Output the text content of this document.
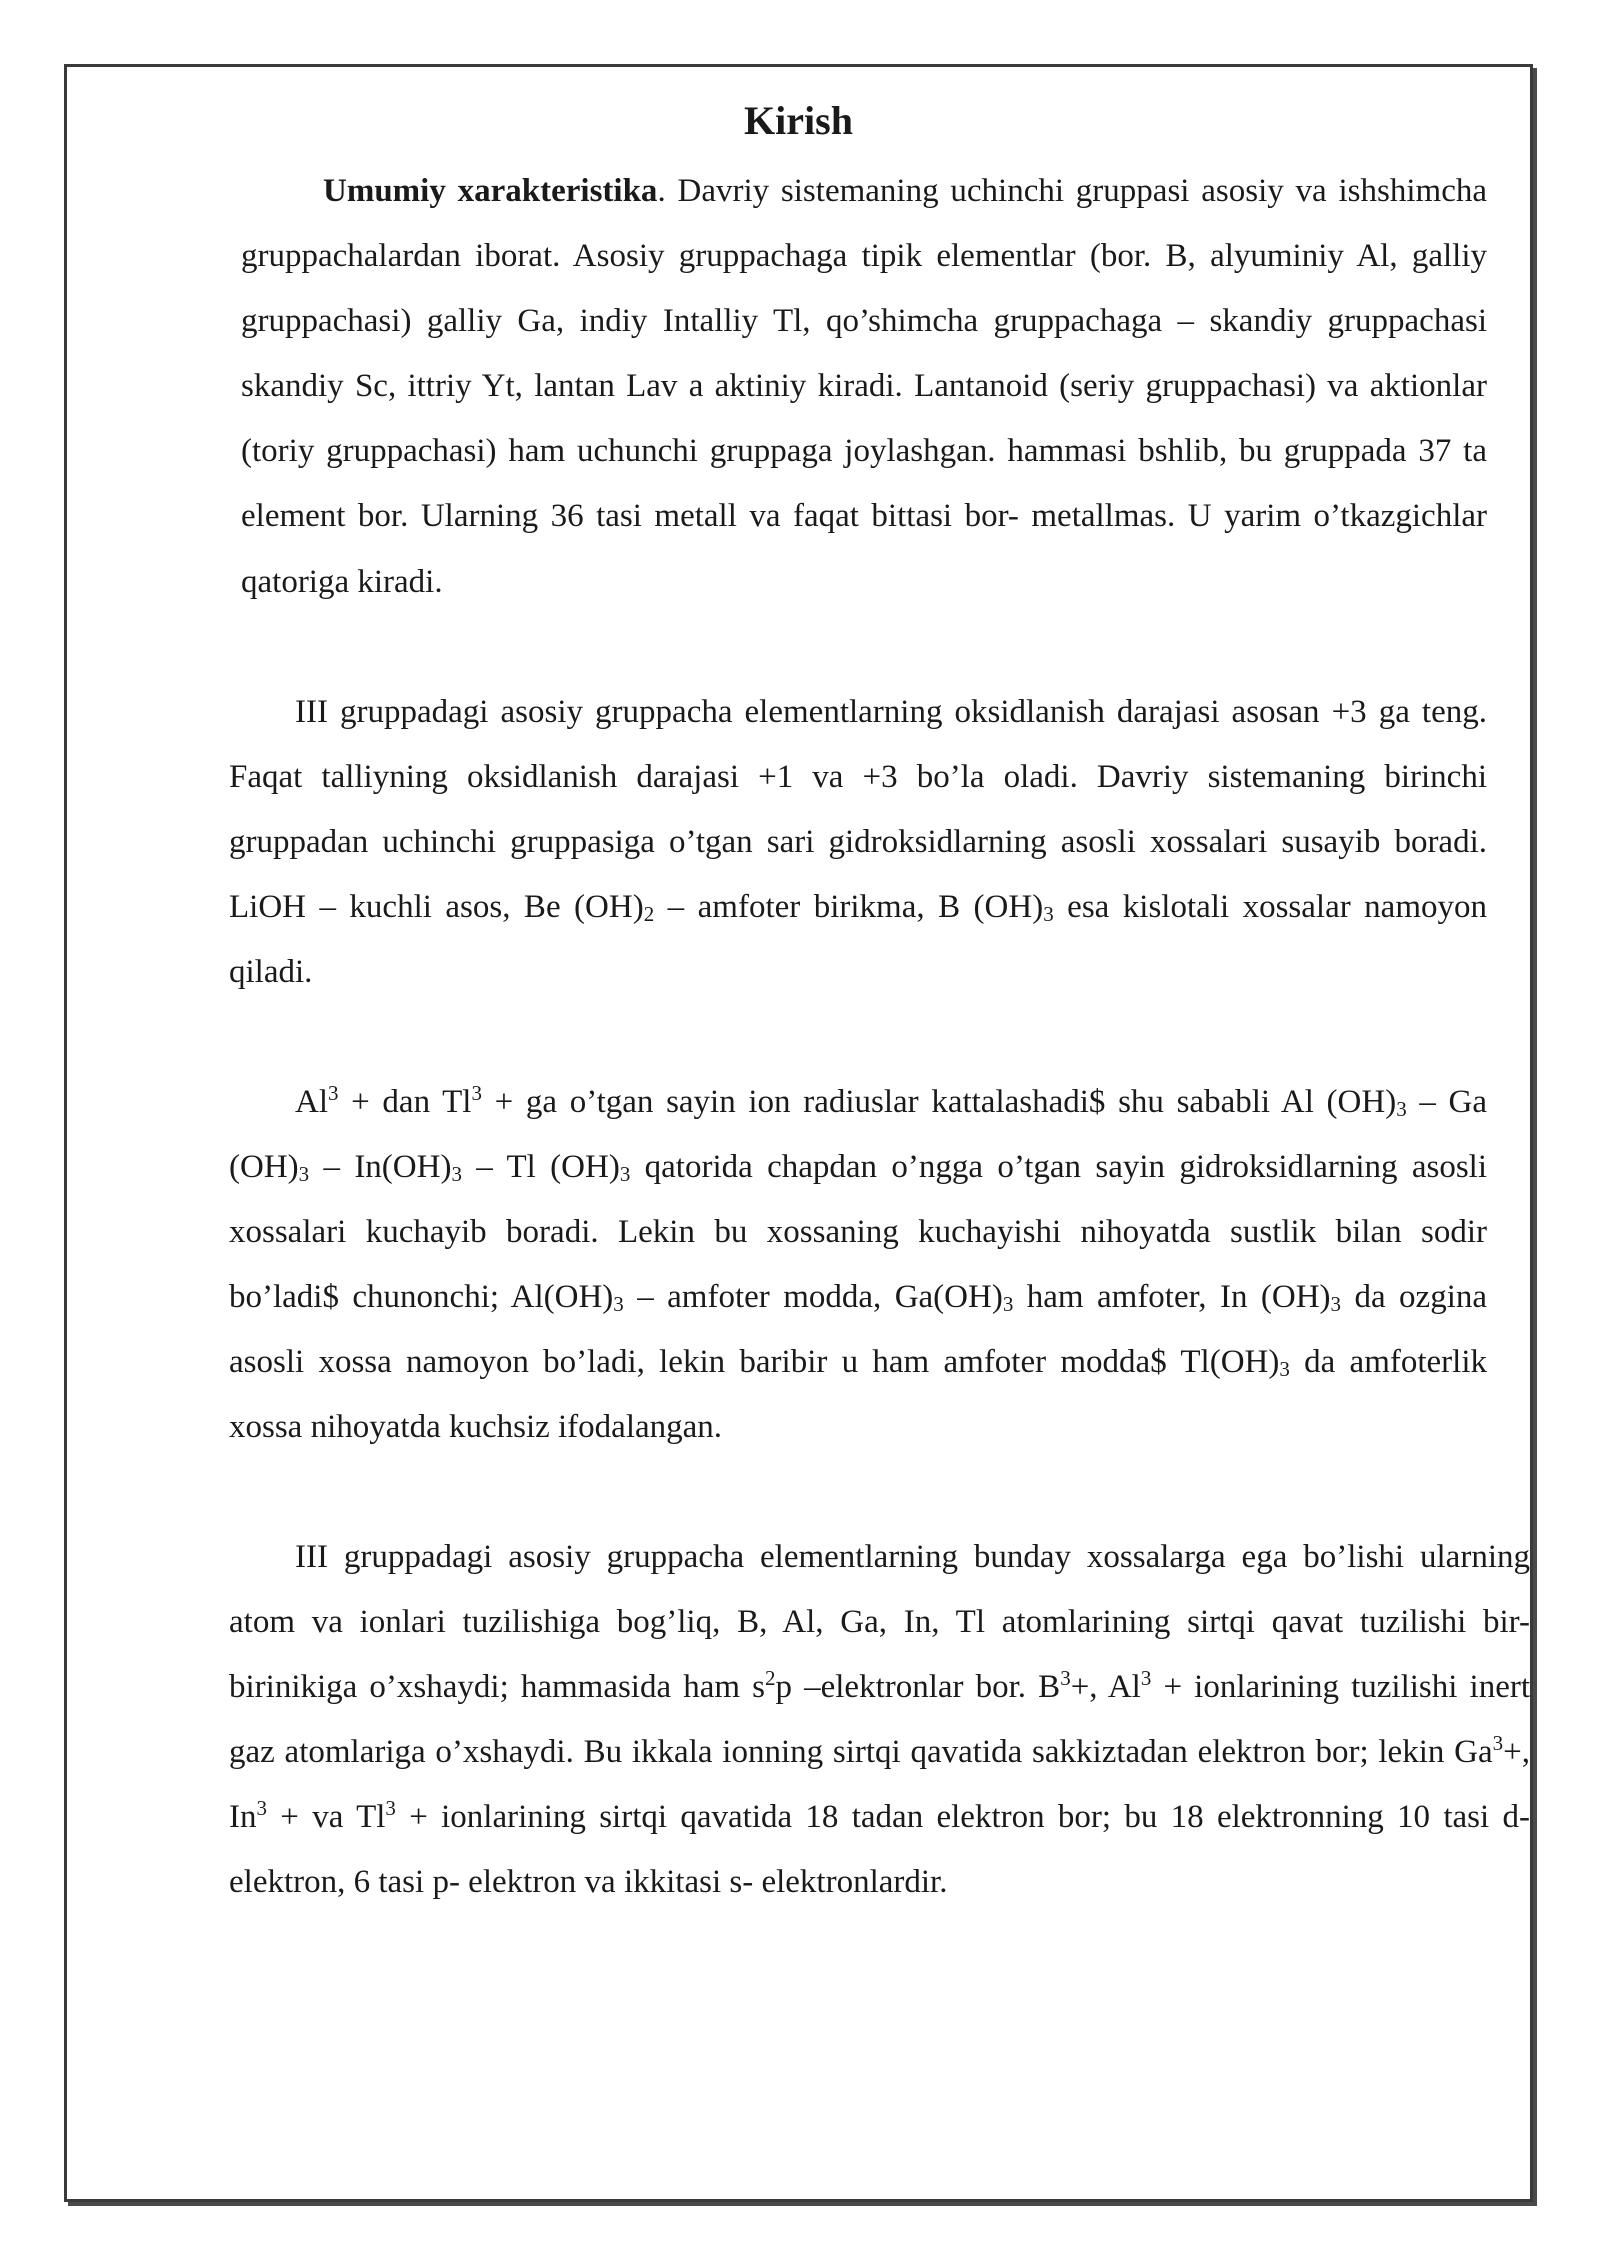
Kirish

Umumiy xarakteristika. Davriy sistemaning uchinchi gruppasi asosiy va ishshimcha gruppachalardan iborat. Asosiy gruppachaga tipik elementlar (bor. B, alyuminiy Al, galliy gruppachasi) galliy Ga, indiy Intalliy Tl, qo’shimcha gruppachaga – skandiy gruppachasi skandiy Sc, ittriy Yt, lantan Lav a aktiniy kiradi. Lantanoid (seriy gruppachasi) va aktionlar (toriy gruppachasi) ham uchunchi gruppaga joylashgan. hammasi bshlib, bu gruppada 37 ta element bor. Ularning 36 tasi metall va faqat bittasi bor- metallmas. U yarim o’tkazgichlar qatoriga kiradi.

III gruppadagi asosiy gruppacha elementlarning oksidlanish darajasi asosan +3 ga teng. Faqat talliyning oksidlanish darajasi +1 va +3 bo’la oladi. Davriy sistemaning birinchi gruppadan uchinchi gruppasiga o’tgan sari gidroksidlarning asosli xossalari susayib boradi. LiOH – kuchli asos, Be $(OH)_2$ – amfoter birikma, B $(OH)_3$ esa kislotali xossalar namoyon qiladi.

$Al^3$ + dan $Tl^3$ + ga o’tgan sayin ion radiuslar kattalashadi$ shu sababli Al $(OH)_3$ – Ga $(OH)_3 - In(OH)_3$ – Tl $(OH)_3$ qatorida chapdan o’ngga o’tgan sayin gidroksidlarning asosli xossalari kuchayib boradi. Lekin bu xossaning kuchayishi nihoyatda sustlik bilan sodir bo’ladi$ chunonchi; $Al(OH)_3$ – amfoter modda, $Ga(OH)_3$ ham amfoter, In $(OH)_3$ da ozgina asosli xossa namoyon bo’ladi, lekin baribir u ham amfoter modda$ $Tl(OH)_3$ da amfoterlik xossa nihoyatda kuchsiz ifodalangan.

III gruppadagi asosiy gruppacha elementlarning bunday xossalarga ega bo’lishi ularning atom va ionlari tuzilishiga bog’liq, B, Al, Ga, In, Tl atomlarining sirtqi qavat tuzilishi bir- birinikiga o’xshaydi; hammasida ham $s^2p$ –elektronlar bor. $B^3+$, $Al^3$ + ionlarining tuzilishi inert gaz atomlariga o’xshaydi. Bu ikkala ionning sirtqi qavatida sakkiztadan elektron bor; lekin $Ga^3+$, $In^3$ + va $Tl^3$ + ionlarining sirtqi qavatida 18 tadan elektron bor; bu 18 elektronning 10 tasi d- elektron, 6 tasi p- elektron va ikkitasi s- elektronlardir.
